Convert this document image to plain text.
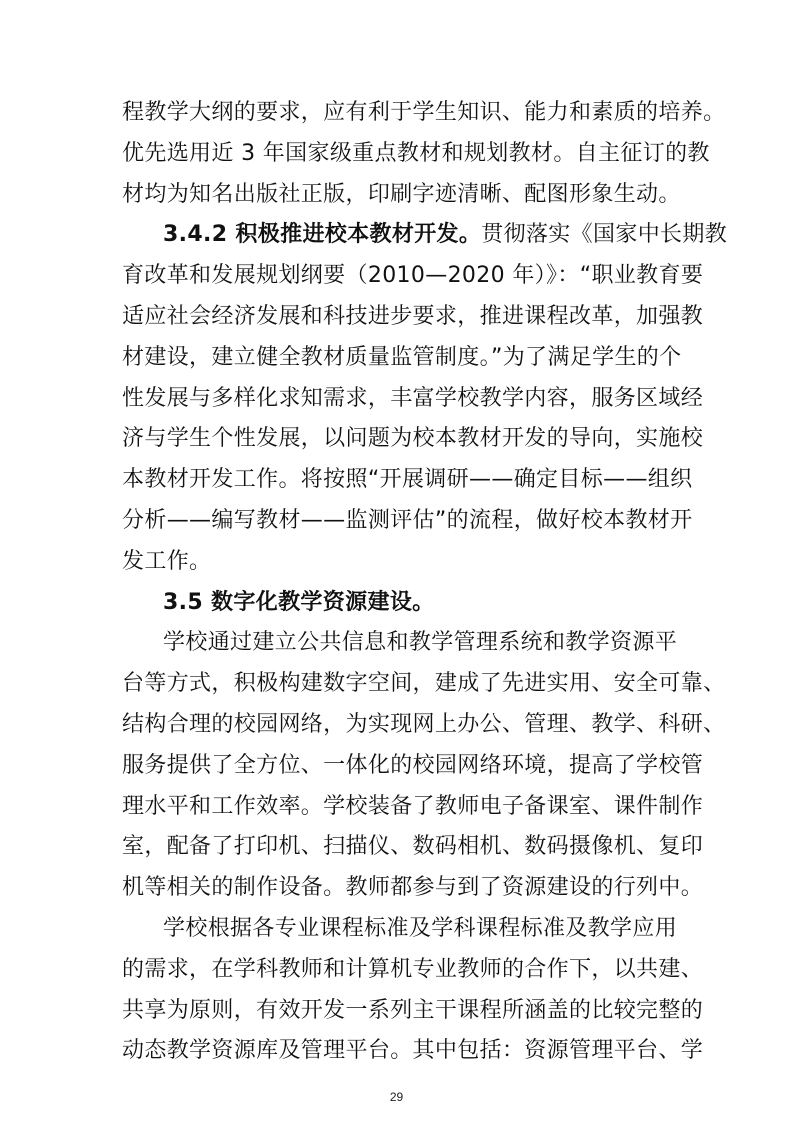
程教学大纲的要求，应有利于学生知识、能力和素质的培养。
优先选用近 3 年国家级重点教材和规划教材。自主征订的教
材均为知名出版社正版，印刷字迹清晰、配图形象生动。
3.4.2 积极推进校本教材开发。贯彻落实《国家中长期教
育改革和发展规划纲要（2010—2020 年）》：“职业教育要
适应社会经济发展和科技进步要求，推进课程改革，加强教
材建设，建立健全教材质量监管制度。”为了满足学生的个
性发展与多样化求知需求，丰富学校教学内容，服务区域经
济与学生个性发展，以问题为校本教材开发的导向，实施校
本教材开发工作。将按照“开展调研——确定目标——组织
分析——编写教材——监测评估”的流程，做好校本教材开
发工作。
3.5 数字化教学资源建设。
学校通过建立公共信息和教学管理系统和教学资源平
台等方式，积极构建数字空间，建成了先进实用、安全可靠、
结构合理的校园网络，为实现网上办公、管理、教学、科研、
服务提供了全方位、一体化的校园网络环境，提高了学校管
理水平和工作效率。学校装备了教师电子备课室、课件制作
室，配备了打印机、扫描仪、数码相机、数码摄像机、复印
机等相关的制作设备。教师都参与到了资源建设的行列中。
学校根据各专业课程标准及学科课程标准及教学应用
的需求，在学科教师和计算机专业教师的合作下，以共建、
共享为原则，有效开发一系列主干课程所涵盖的比较完整的
动态教学资源库及管理平台。其中包括：资源管理平台、学
29
